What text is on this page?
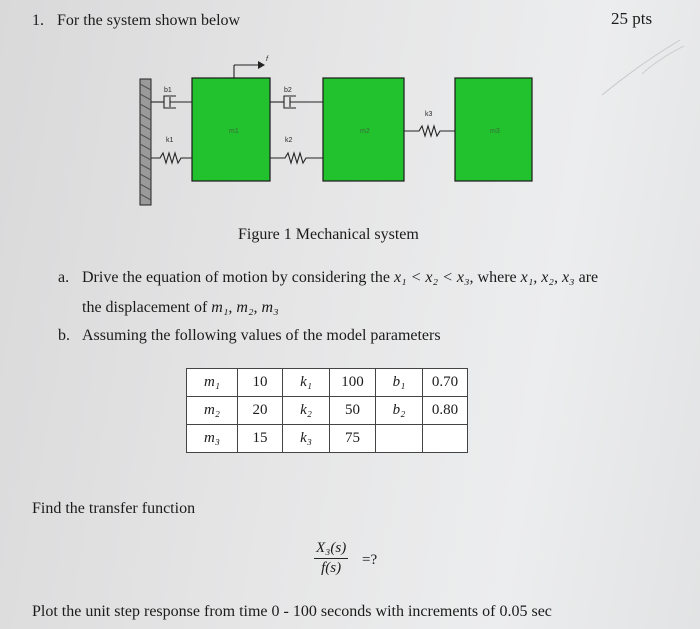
1. For the system shown below	25 pts
b1
k1
m1
b2
k2
m2
k3
m3
f
Figure 1 Mechanical system
a. Drive the equation of motion by considering the x₁ < x₂ < x₃, where x₁, x₂, x₃ are
the displacement of m₁, m₂, m₃
b. Assuming the following values of the model parameters
m₁	10	k₁	100	b₁	0.70
m₂	20	k₂	50	b₂	0.80
m₃	15	k₃	75		
Find the transfer function
$\frac{\text{X₃(s)}}{f(s)}$ =?
Plot the unit step response from time 0 - 100 seconds with increments of 0.05 sec
